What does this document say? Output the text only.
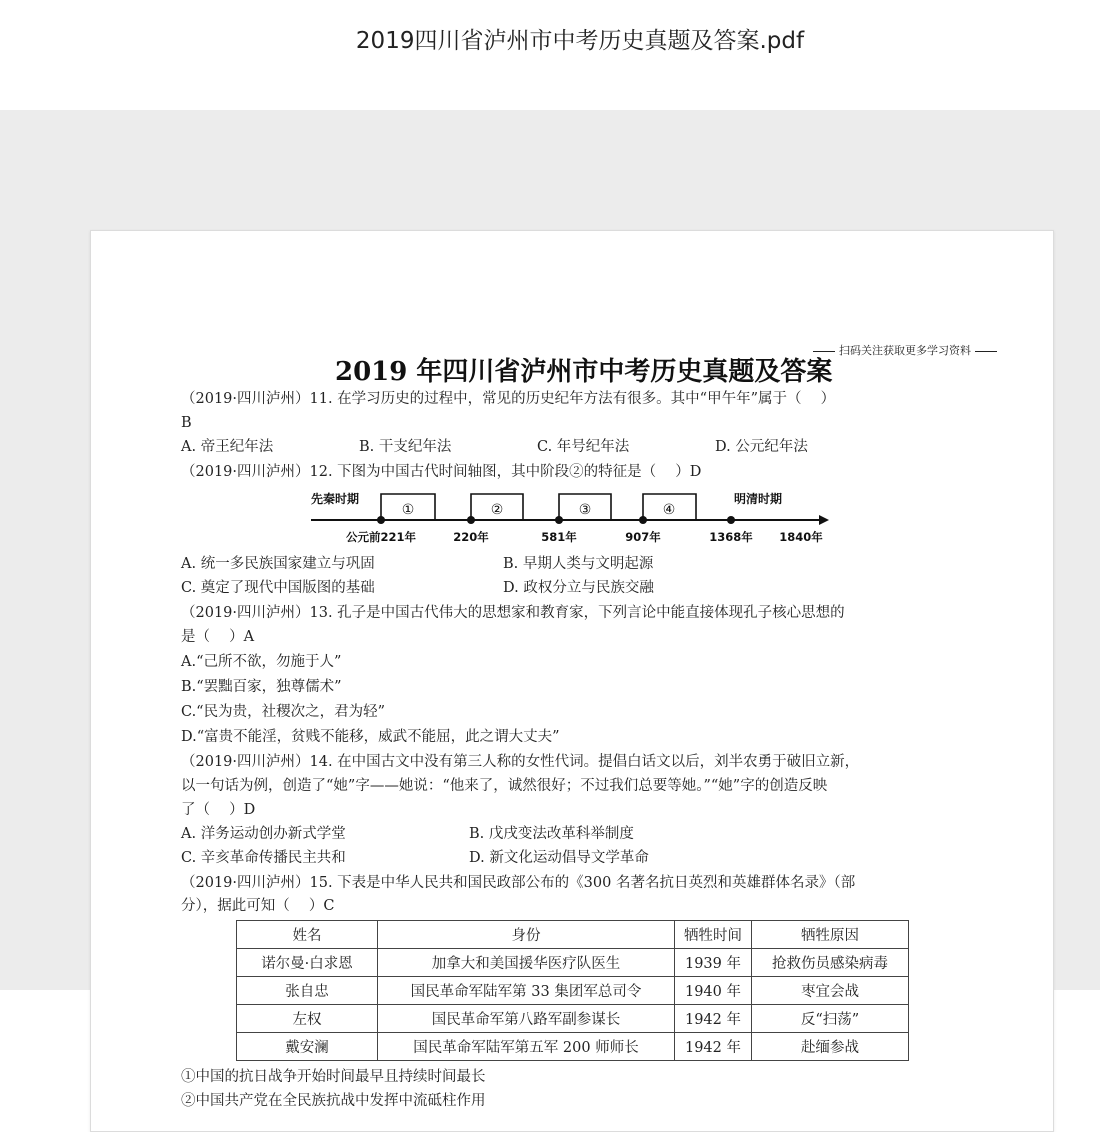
2019四川省泸州市中考历史真题及答案.pdf
扫码关注获取更多学习资料
2019 年四川省泸州市中考历史真题及答案
（2019·四川泸州）11. 在学习历史的过程中，常见的历史纪年方法有很多。其中“甲午年”属于（　 ）
B
A. 帝王纪年法	B. 干支纪年法	C. 年号纪年法	D. 公元纪年法
（2019·四川泸州）12. 下图为中国古代时间轴图，其中阶段②的特征是（　 ）D
先秦时期	明清时期
①	②	③	④
公元前221年	220年	581年	907年	1368年 1840年
A. 统一多民族国家建立与巩固	B. 早期人类与文明起源
C. 奠定了现代中国版图的基础	D. 政权分立与民族交融
（2019·四川泸州）13. 孔子是中国古代伟大的思想家和教育家，下列言论中能直接体现孔子核心思想的
是（　 ）A
A.“己所不欲，勿施于人”
B.“罢黜百家，独尊儒术”
C.“民为贵，社稷次之，君为轻”
D.“富贵不能淫，贫贱不能移，威武不能屈，此之谓大丈夫”
（2019·四川泸州）14. 在中国古文中没有第三人称的女性代词。提倡白话文以后，刘半农勇于破旧立新，
以一句话为例，创造了“她”字——她说：“他来了，诚然很好；不过我们总要等她。”“她”字的创造反映
了（　 ）D
A. 洋务运动创办新式学堂	B. 戊戌变法改革科举制度
C. 辛亥革命传播民主共和	D. 新文化运动倡导文学革命
（2019·四川泸州）15. 下表是中华人民共和国民政部公布的《300 名著名抗日英烈和英雄群体名录》（部
分），据此可知（　 ）C
姓名	身份	牺牲时间	牺牲原因
诺尔曼·白求恩	加拿大和美国援华医疗队医生	1939 年	抢救伤员感染病毒
张自忠	国民革命军陆军第 33 集团军总司令	1940 年	枣宜会战
左权	国民革命军第八路军副参谋长	1942 年	反“扫荡”
戴安澜	国民革命军陆军第五军 200 师师长	1942 年	赴缅参战
①中国的抗日战争开始时间最早且持续时间最长
②中国共产党在全民族抗战中发挥中流砥柱作用
